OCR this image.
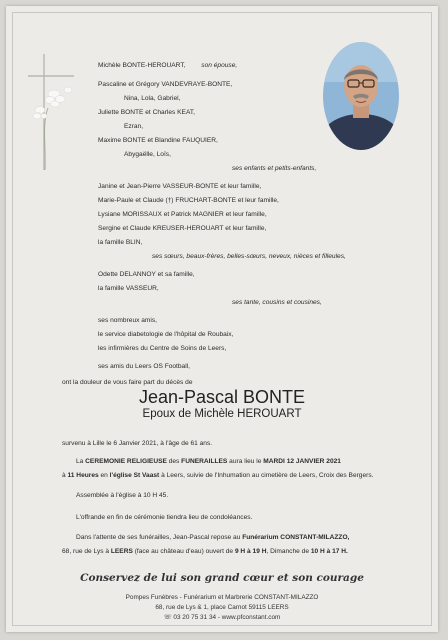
Michèle BONTE-HEROUART, son épouse,
Pascaline et Grégory VANDEVRAYE-BONTE,
Nina, Lola, Gabriel,
Juliette BONTE et Charles KEAT,
Ezran,
Maxime BONTE et Blandine FAUQUIER,
Abygaëlle, Loïs,
ses enfants et petits-enfants,
Janine et Jean-Pierre VASSEUR-BONTE et leur famille,
Marie-Paule et Claude (†) FRUCHART-BONTE et leur famille,
Lysiane MORISSAUX et Patrick MAGNIER et leur famille,
Sergine et Claude KREUSER-HEROUART et leur famille,
la famille BLIN,
ses sœurs, beaux-frères, belles-sœurs, neveux, nièces et filleules,
Odette DELANNOY et sa famille,
la famille VASSEUR,
ses tante, cousins et cousines,
ses nombreux amis,
le service diabetologie de l'hôpital de Roubaix,
les infirmières du Centre de Soins de Leers,
ses amis du Leers OS Football,
ont la douleur de vous faire part du décès de
Jean-Pascal BONTE
Epoux de Michèle HEROUART
survenu à Lille le 6 Janvier 2021, à l'âge de 61 ans.
La CEREMONIE RELIGIEUSE des FUNERAILLES aura lieu le MARDI 12 JANVIER 2021
à 11 Heures en l'église St Vaast à Leers, suivie de l'Inhumation au cimetière de Leers, Croix des Bergers.
Assemblée à l'église à 10 H 45.
L'offrande en fin de cérémonie tiendra lieu de condoléances.
Dans l'attente de ses funérailles, Jean-Pascal repose au Funérarium CONSTANT-MILAZZO,
68, rue de Lys à LEERS (face au château d'eau) ouvert de 9 H à 19 H, Dimanche de 10 H à 17 H.
Conservez de lui son grand cœur et son courage
Pompes Funèbres - Funérarium et Marbrerie CONSTANT-MILAZZO
68, rue de Lys & 1, place Carnot 59115 LEERS
☏ 03 20 75 31 34 - www.pfconstant.com
